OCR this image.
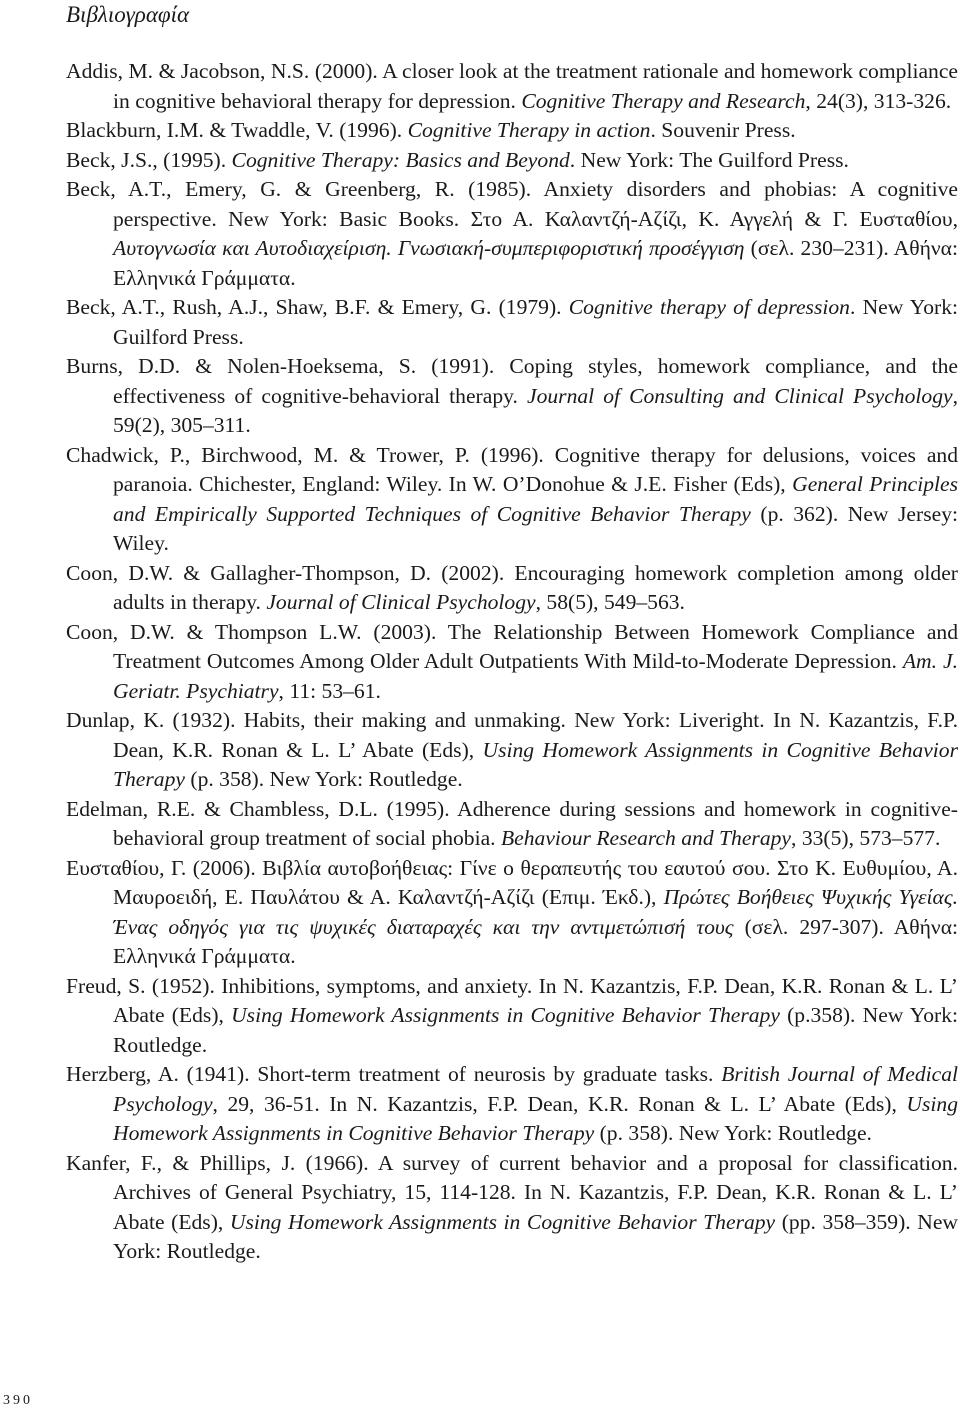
Βιβλιογραφία

Addis, M. & Jacobson, N.S. (2000). A closer look at the treatment rationale and homework compliance in cognitive behavioral therapy for depression. Cognitive Therapy and Research, 24(3), 313-326.

Blackburn, I.M. & Twaddle, V. (1996). Cognitive Therapy in action. Souvenir Press.

Beck, J.S., (1995). Cognitive Therapy: Basics and Beyond. New York: The Guilford Press.

Beck, A.T., Emery, G. & Greenberg, R. (1985). Anxiety disorders and phobias: A cognitive perspective. New York: Basic Books. Στο Α. Καλαντζή-Αζίζι, Κ. Αγγελή & Γ. Ευσταθίου, Αυτογνωσία και Αυτοδιαχείριση. Γνωσιακή-συμπεριφοριστική προσέγγιση (σελ. 230–231). Αθήνα: Ελληνικά Γράμματα.

Beck, A.T., Rush, A.J., Shaw, B.F. & Emery, G. (1979). Cognitive therapy of depression. New York: Guilford Press.

Burns, D.D. & Nolen-Hoeksema, S. (1991). Coping styles, homework compliance, and the effectiveness of cognitive-behavioral therapy. Journal of Consulting and Clinical Psychology, 59(2), 305–311.

Chadwick, P., Birchwood, M. & Trower, P. (1996). Cognitive therapy for delusions, voices and paranoia. Chichester, England: Wiley. In W. O’Donohue & J.E. Fisher (Eds), General Principles and Empirically Supported Techniques of Cognitive Behavior Therapy (p. 362). New Jersey: Wiley.

Coon, D.W. & Gallagher-Thompson, D. (2002). Encouraging homework completion among older adults in therapy. Journal of Clinical Psychology, 58(5), 549–563.

Coon, D.W. & Thompson L.W. (2003). The Relationship Between Homework Compliance and Treatment Outcomes Among Older Adult Outpatients With Mild-to-Moderate Depression. Am. J. Geriatr. Psychiatry, 11: 53–61.

Dunlap, K. (1932). Habits, their making and unmaking. New York: Liveright. In N. Kazantzis, F.P. Dean, K.R. Ronan & L. L’ Abate (Eds), Using Homework Assignments in Cognitive Behavior Therapy (p. 358). New York: Routledge.

Edelman, R.E. & Chambless, D.L. (1995). Adherence during sessions and homework in cognitive-behavioral group treatment of social phobia. Behaviour Research and Therapy, 33(5), 573–577.

Ευσταθίου, Γ. (2006). Βιβλία αυτοβοήθειας: Γίνε ο θεραπευτής του εαυτού σου. Στο Κ. Ευθυμίου, Α. Μαυροειδή, Ε. Παυλάτου & Α. Καλαντζή-Αζίζι (Επιμ. Έκδ.), Πρώτες Βοήθειες Ψυχικής Υγείας. Ένας οδηγός για τις ψυχικές διαταραχές και την αντιμετώπισή τους (σελ. 297-307). Αθήνα: Ελληνικά Γράμματα.

Freud, S. (1952). Inhibitions, symptoms, and anxiety. In N. Kazantzis, F.P. Dean, K.R. Ronan & L. L’ Abate (Eds), Using Homework Assignments in Cognitive Behavior Therapy (p.358). New York: Routledge.

Herzberg, A. (1941). Short-term treatment of neurosis by graduate tasks. British Journal of Medical Psychology, 29, 36-51. In N. Kazantzis, F.P. Dean, K.R. Ronan & L. L’ Abate (Eds), Using Homework Assignments in Cognitive Behavior Therapy (p. 358). New York: Routledge.

Kanfer, F., & Phillips, J. (1966). A survey of current behavior and a proposal for classification. Archives of General Psychiatry, 15, 114-128. In N. Kazantzis, F.P. Dean, K.R. Ronan & L. L’ Abate (Eds), Using Homework Assignments in Cognitive Behavior Therapy (pp. 358–359). New York: Routledge.

390
